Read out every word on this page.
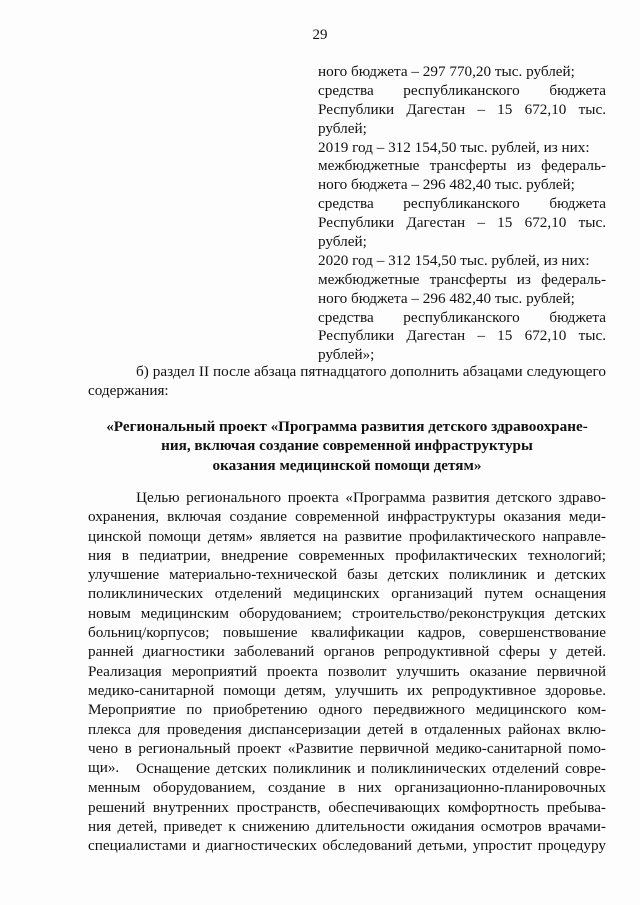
29
ного бюджета – 297 770,20 тыс. рублей;
средства республиканского бюджета
Республики Дагестан – 15 672,10 тыс.
рублей;
2019 год – 312 154,50 тыс. рублей, из них:
межбюджетные трансферты из федераль-
ного бюджета – 296 482,40 тыс. рублей;
средства республиканского бюджета
Республики Дагестан – 15 672,10 тыс.
рублей;
2020 год – 312 154,50 тыс. рублей, из них:
межбюджетные трансферты из федераль-
ного бюджета – 296 482,40 тыс. рублей;
средства республиканского бюджета
Республики Дагестан – 15 672,10 тыс.
рублей»;
б) раздел II после абзаца пятнадцатого дополнить абзацами следующего
содержания:
«Региональный проект «Программа развития детского здравоохране-
ния, включая создание современной инфраструктуры
оказания медицинской помощи детям»
Целью регионального проекта «Программа развития детского здраво-
охранения, включая создание современной инфраструктуры оказания меди-
цинской помощи детям» является на развитие профилактического направле-
ния в педиатрии, внедрение современных профилактических технологий;
улучшение материально-технической базы детских поликлиник и детских
поликлинических отделений медицинских организаций путем оснащения
новым медицинским оборудованием; строительство/реконструкция детских
больниц/корпусов; повышение квалификации кадров, совершенствование
ранней диагностики заболеваний органов репродуктивной сферы у детей.
Реализация мероприятий проекта позволит улучшить оказание первичной
медико-санитарной помощи детям, улучшить их репродуктивное здоровье.
Мероприятие по приобретению одного передвижного медицинского ком-
плекса для проведения диспансеризации детей в отдаленных районах вклю-
чено в региональный проект «Развитие первичной медико-санитарной помо-
щи».	Оснащение детских поликлиник и поликлинических отделений совре-
менным оборудованием, создание в них организационно-планировочных
решений внутренних пространств, обеспечивающих комфортность пребыва-
ния детей, приведет к снижению длительности ожидания осмотров врачами-
специалистами и диагностических обследований детьми, упростит процедуру
